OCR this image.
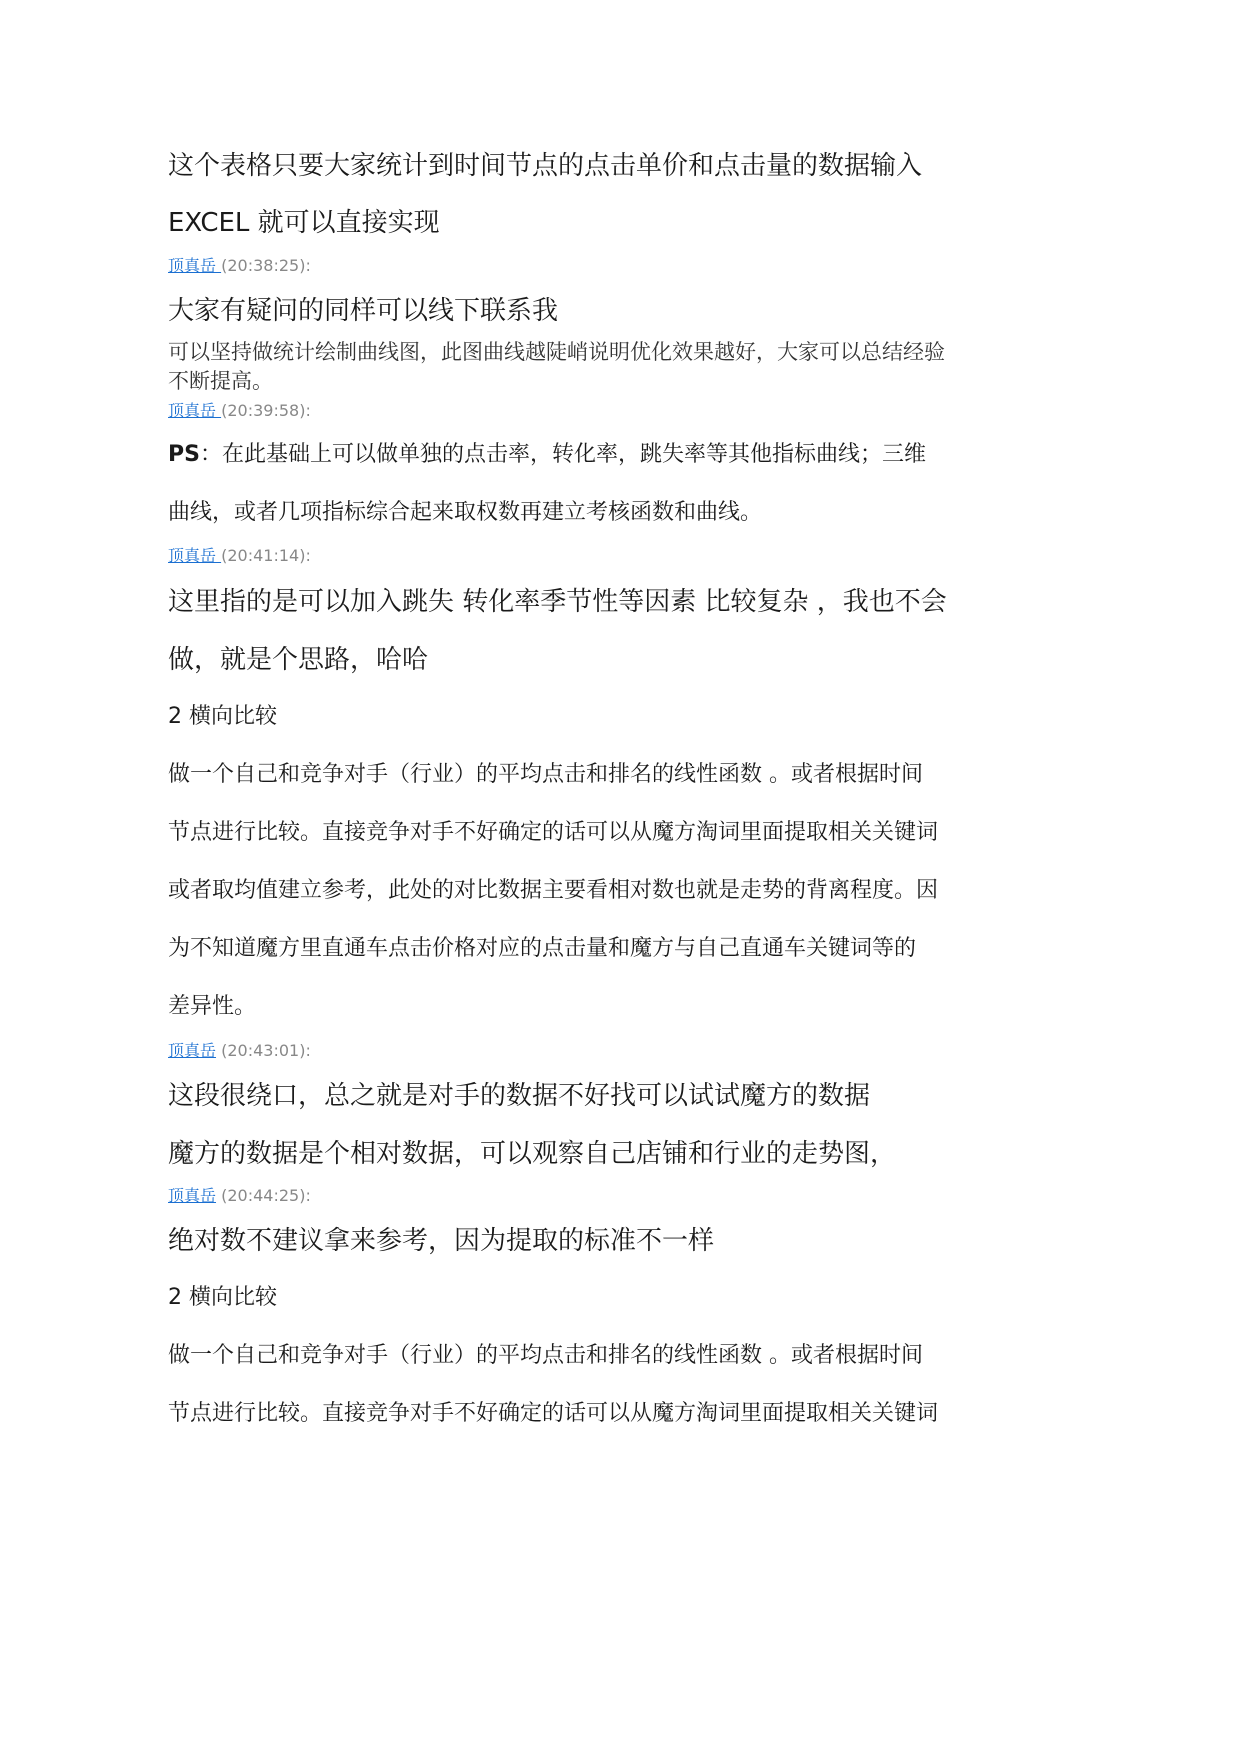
这个表格只要大家统计到时间节点的点击单价和点击量的数据输入
EXCEL 就可以直接实现
顶真岳 (20:38:25):
大家有疑问的同样可以线下联系我
可以坚持做统计绘制曲线图，此图曲线越陡峭说明优化效果越好，大家可以总结经验不断提高。
顶真岳 (20:39:58):
PS：在此基础上可以做单独的点击率，转化率，跳失率等其他指标曲线；三维
曲线，或者几项指标综合起来取权数再建立考核函数和曲线。
顶真岳 (20:41:14):
这里指的是可以加入跳失 转化率季节性等因素 比较复杂 ，我也不会
做，就是个思路，哈哈
2 横向比较
做一个自己和竞争对手（行业）的平均点击和排名的线性函数 。或者根据时间
节点进行比较。直接竞争对手不好确定的话可以从魔方淘词里面提取相关关键词
或者取均值建立参考，此处的对比数据主要看相对数也就是走势的背离程度。因
为不知道魔方里直通车点击价格对应的点击量和魔方与自己直通车关键词等的
差异性。
顶真岳 (20:43:01):
这段很绕口，总之就是对手的数据不好找可以试试魔方的数据
魔方的数据是个相对数据，可以观察自己店铺和行业的走势图，
顶真岳 (20:44:25):
绝对数不建议拿来参考，因为提取的标准不一样
2 横向比较
做一个自己和竞争对手（行业）的平均点击和排名的线性函数 。或者根据时间
节点进行比较。直接竞争对手不好确定的话可以从魔方淘词里面提取相关关键词
